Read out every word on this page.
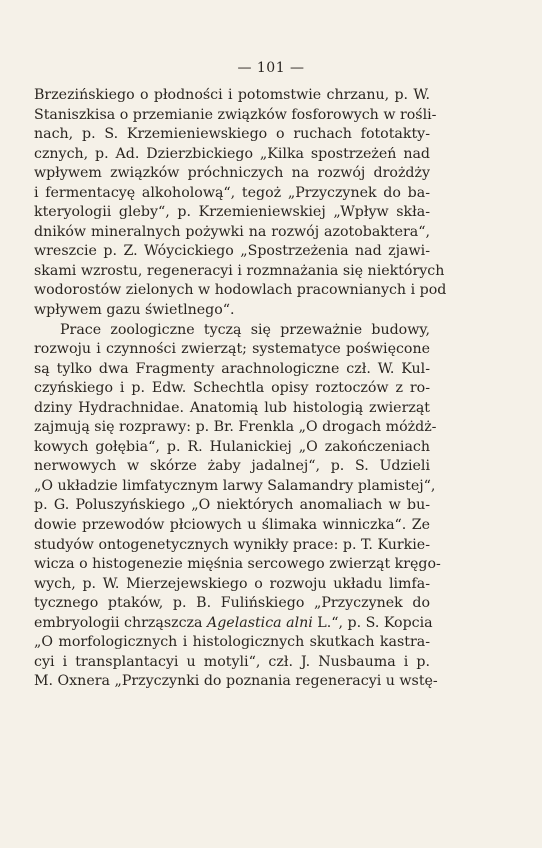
— 101 —
Brzezińskiego o płodności i potomstwie chrzanu, p. W.
Staniszkisa o przemianie związków fosforowych w rośli-
nach, p. S. Krzemieniewskiego o ruchach fototakty-
cznych, p. Ad. Dzierzbickiego „Kilka spostrzeżeń nad
wpływem związków próchniczych na rozwój drożdży
i fermentacyę alkoholową“, tegoż „Przyczynek do ba-
kteryologii gleby“, p. Krzemieniewskiej „Wpływ skła-
dników mineralnych pożywki na rozwój azotobaktera“,
wreszcie p. Z. Wóycickiego „Spostrzeżenia nad zjawi-
skami wzrostu, regeneracyi i rozmnażania się niektórych
wodorostów zielonych w hodowlach pracownianych i pod
wpływem gazu świetlnego“.
Prace zoologiczne tyczą się przeważnie budowy,
rozwoju i czynności zwierząt; systematyce poświęcone
są tylko dwa Fragmenty arachnologiczne czł. W. Kul-
czyńskiego i p. Edw. Schechtla opisy roztoczów z ro-
dziny Hydrachnidae. Anatomią lub histologią zwierząt
zajmują się rozprawy: p. Br. Frenkla „O drogach móżdż-
kowych gołębia“, p. R. Hulanickiej „O zakończeniach
nerwowych w skórze żaby jadalnej“, p. S. Udzieli
„O układzie limfatycznym larwy Salamandry plamistej“,
p. G. Poluszyńskiego „O niektórych anomaliach w bu-
dowie przewodów płciowych u ślimaka winniczka“. Ze
studyów ontogenetycznych wynikły prace: p. T. Kurkie-
wicza o histogenezie mięśnia sercowego zwierząt kręgo-
wych, p. W. Mierzejewskiego o rozwoju układu limfa-
tycznego ptaków, p. B. Fulińskiego „Przyczynek do
embryologii chrząszcza Agelastica alni L.“, p. S. Kopcia
„O morfologicznych i histologicznych skutkach kastra-
cyi i transplantacyi u motyli“, czł. J. Nusbauma i p.
M. Oxnera „Przyczynki do poznania regeneracyi u wstę-
